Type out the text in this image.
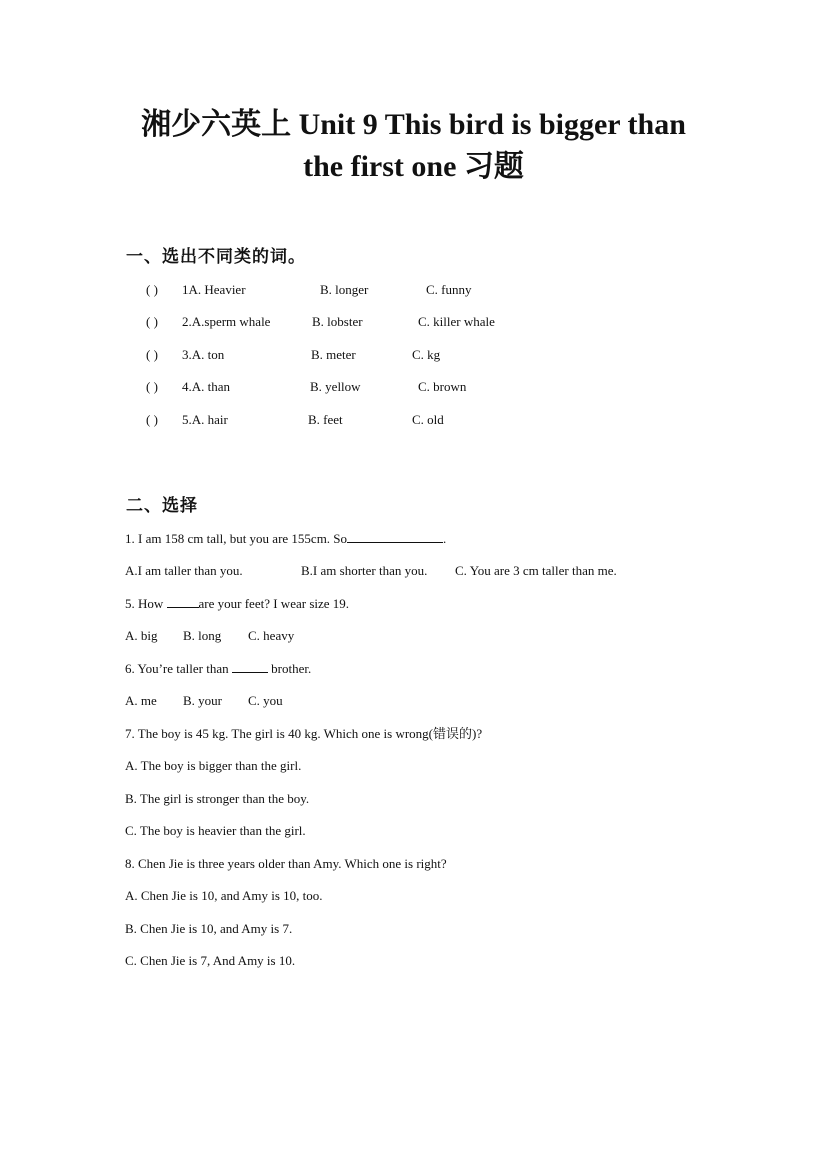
湘少六英上 Unit 9 This bird is bigger than
the first one 习题
一、选出不同类的词。
( ) 1A. Heavier	B. longer	C. funny
( ) 2.A.sperm whale	B. lobster	C. killer whale
( ) 3.A. ton	B. meter	C. kg
( ) 4.A. than	B. yellow	C. brown
( ) 5.A. hair	B. feet	C. old
二、选择
1. I am 158 cm tall, but you are 155cm. So	.
A.I am taller than you.	B.I am shorter than you. C. You are 3 cm taller than me.
5. How are your feet? I wear size 19.
A. big B. long C. heavy
6. You’re taller than	brother.
A. me B. your C. you
7. The boy is 45 kg. The girl is 40 kg. Which one is wrong(错误的)?
A. The boy is bigger than the girl.
B. The girl is stronger than the boy.
C. The boy is heavier than the girl.
8. Chen Jie is three years older than Amy. Which one is right?
A. Chen Jie is 10, and Amy is 10, too.
B. Chen Jie is 10, and Amy is 7.
C. Chen Jie is 7, And Amy is 10.
